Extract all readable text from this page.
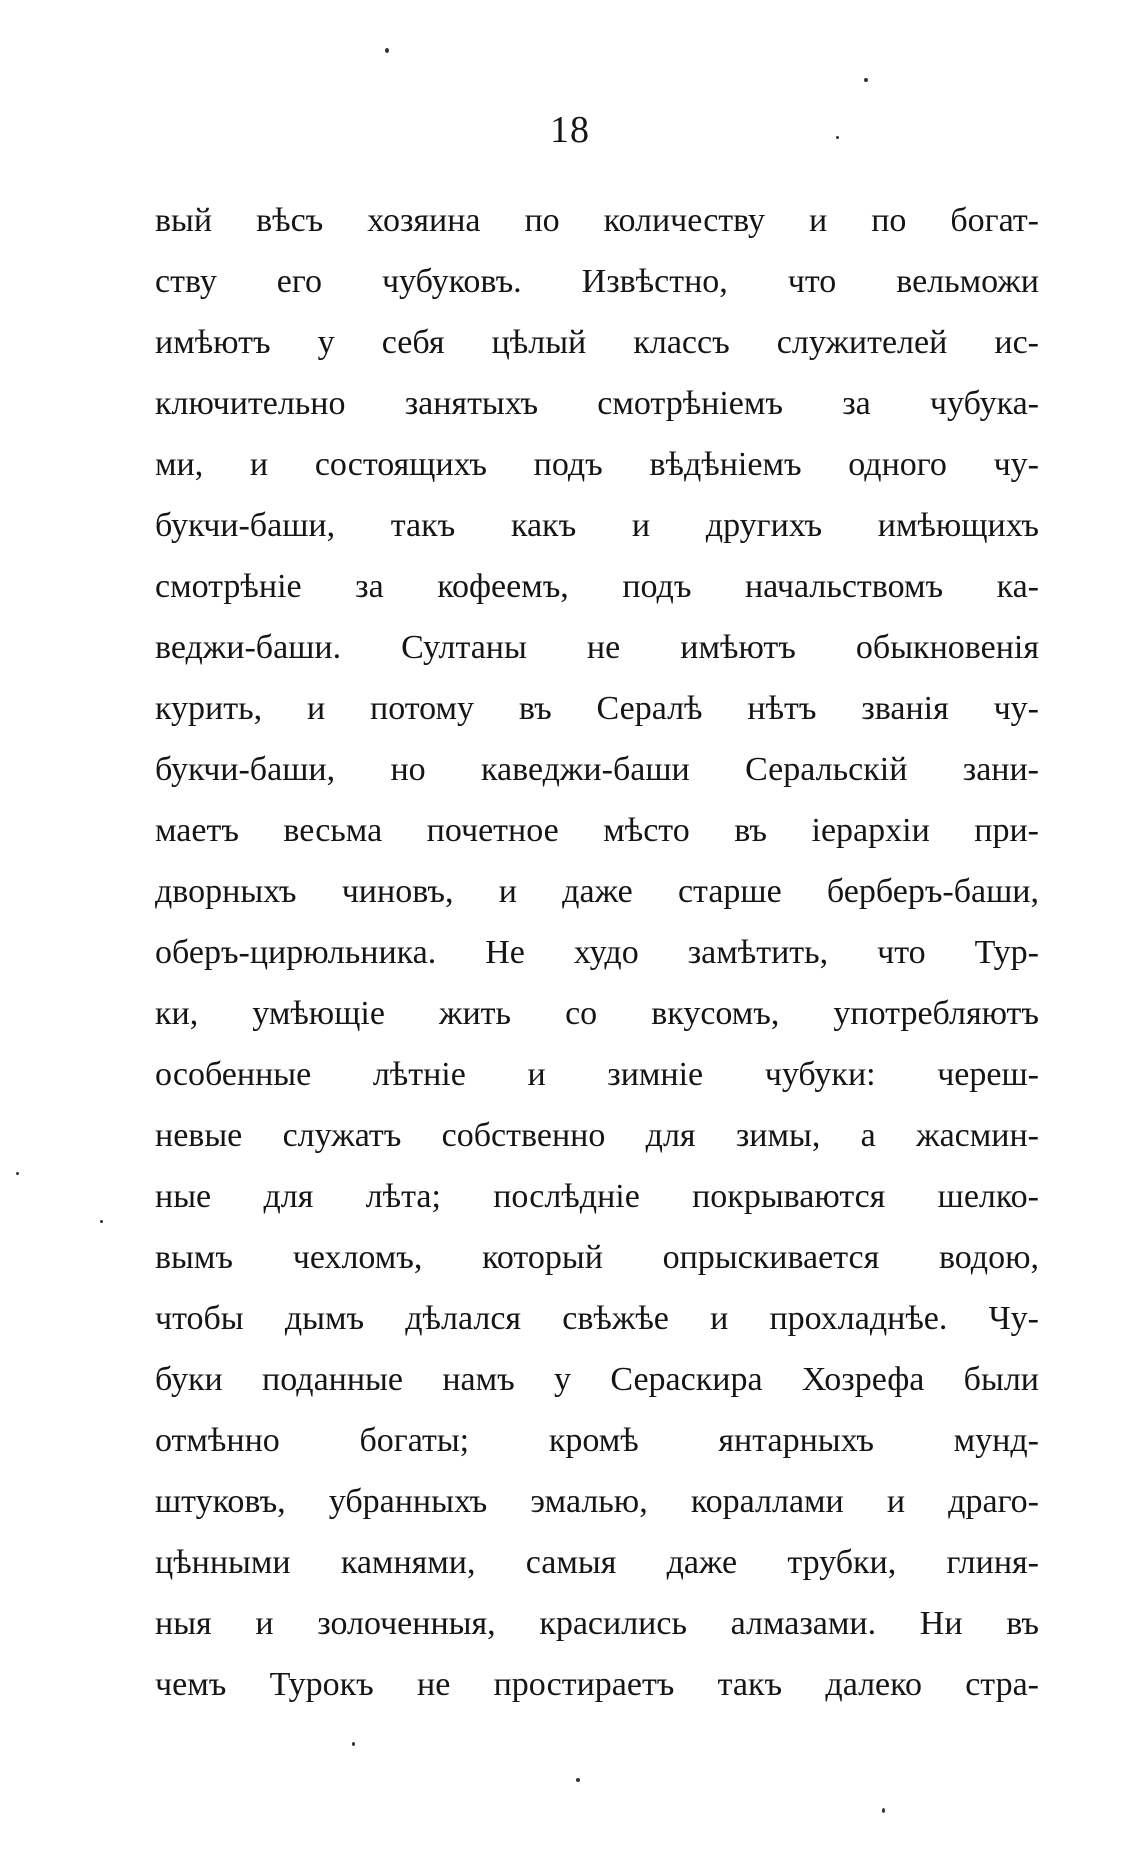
18
вый вѣсъ хозяина по количеству и по богат-
ству его чубуковъ. Извѣстно, что вельможи
имѣютъ у себя цѣлый классъ служителей ис-
ключительно занятыхъ смотрѣніемъ за чубука-
ми, и состоящихъ подъ вѣдѣніемъ одного чу-
букчи-баши, такъ какъ и другихъ имѣющихъ
смотрѣніе за кофеемъ, подъ начальствомъ ка-
веджи-баши. Султаны не имѣютъ обыкновенія
курить, и потому въ Сералѣ нѣтъ званія чу-
букчи-баши, но каведжи-баши Серальскій зани-
маетъ весьма почетное мѣсто въ іерархіи при-
дворныхъ чиновъ, и даже старше берберъ-баши,
оберъ-цирюльника. Не худо замѣтить, что Тур-
ки, умѣющіе жить со вкусомъ, употребляютъ
особенные лѣтніе и зимніе чубуки: череш-
невые служатъ собственно для зимы, а жасмин-
ные для лѣта; послѣдніе покрываются шелко-
вымъ чехломъ, который опрыскивается водою,
чтобы дымъ дѣлался свѣжѣе и прохладнѣе. Чу-
буки поданные намъ у Сераскира Хозрефа были
отмѣнно богаты; кромѣ янтарныхъ мунд-
штуковъ, убранныхъ эмалью, кораллами и драго-
цѣнными камнями, самыя даже трубки, глиня-
ныя и золоченныя, красились алмазами. Ни въ
чемъ Турокъ не простираетъ такъ далеко стра-
